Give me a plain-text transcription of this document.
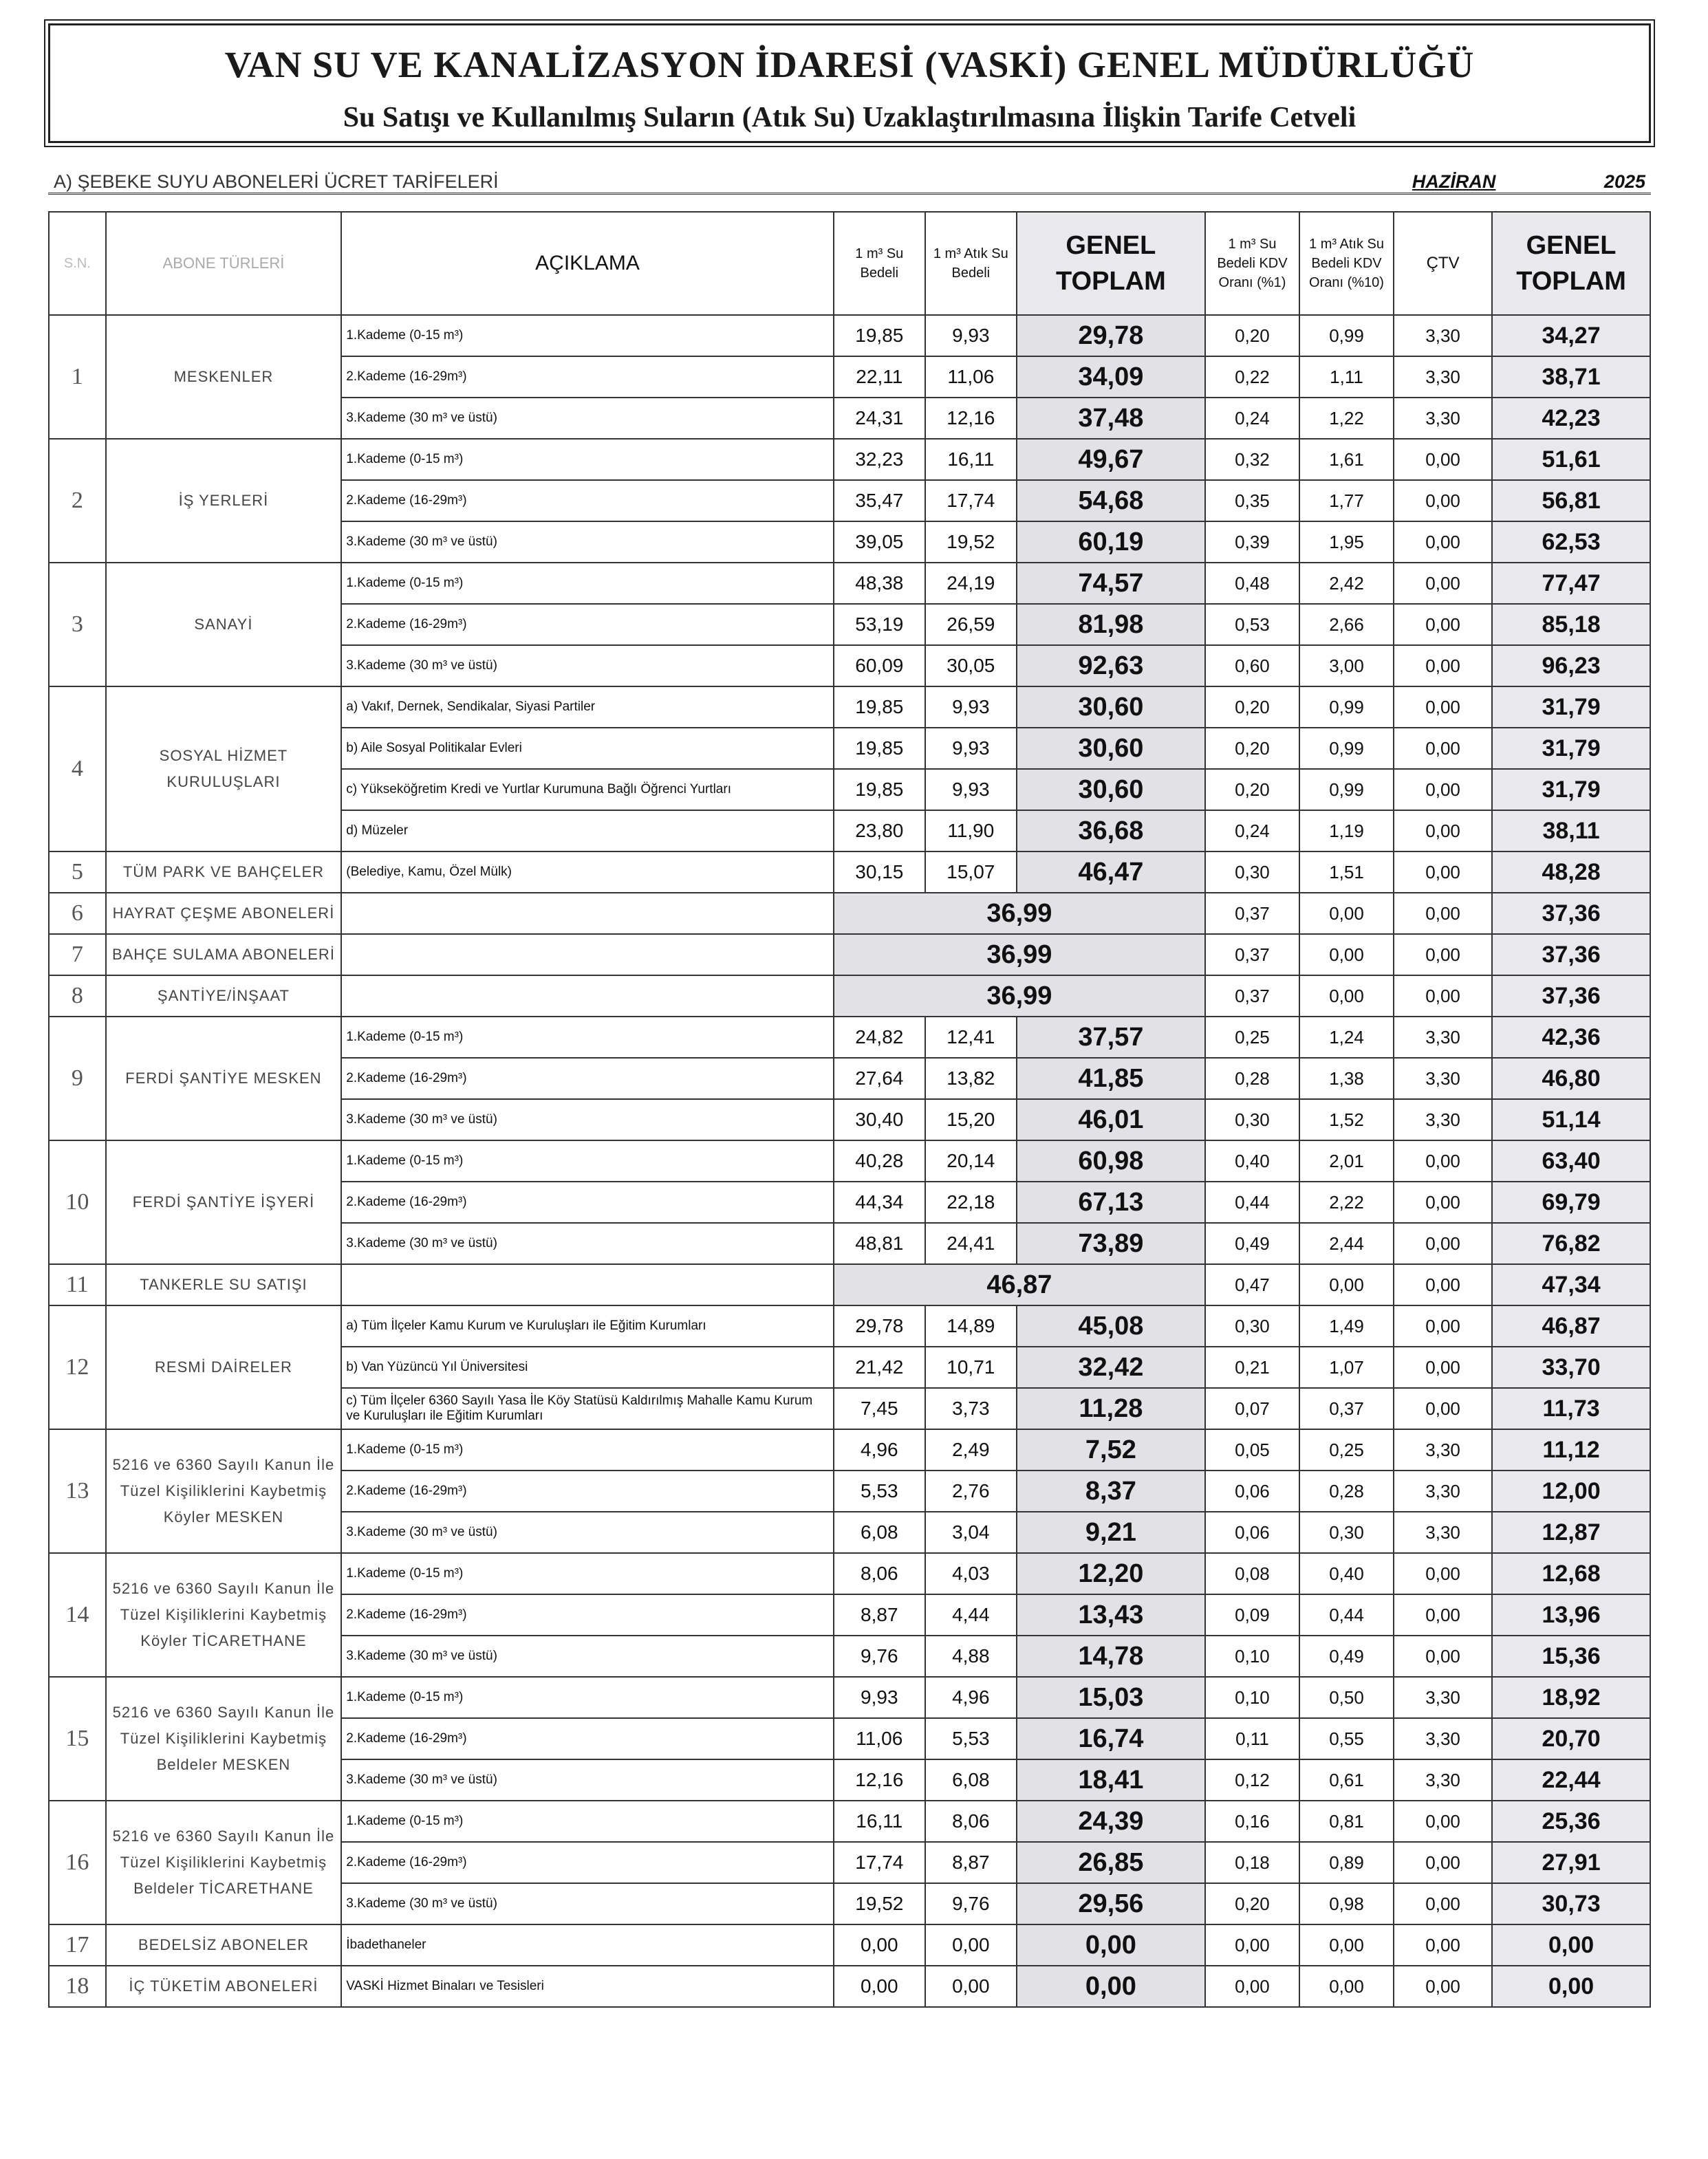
VAN SU VE KANALİZASYON İDARESİ (VASKİ) GENEL MÜDÜRLÜĞÜ
Su Satışı ve Kullanılmış Suların (Atık Su) Uzaklaştırılmasına İlişkin Tarife Cetveli
A) ŞEBEKE SUYU ABONELERİ ÜCRET TARİFELERİ	HAZİRAN	2025
S.N.	ABONE TÜRLERİ	AÇIKLAMA	1 m³ Su Bedeli	1 m³ Atık Su Bedeli	GENEL TOPLAM	1 m³ Su Bedeli KDV Oranı (%1)	1 m³ Atık Su Bedeli KDV Oranı (%10)	ÇTV	GENEL TOPLAM
1	MESKENLER	1.Kademe (0-15 m³)	19,85	9,93	29,78	0,20	0,99	3,30	34,27
		2.Kademe (16-29m³)	22,11	11,06	34,09	0,22	1,11	3,30	38,71
		3.Kademe (30 m³ ve üstü)	24,31	12,16	37,48	0,24	1,22	3,30	42,23
2	İŞ YERLERİ	1.Kademe (0-15 m³)	32,23	16,11	49,67	0,32	1,61	0,00	51,61
		2.Kademe (16-29m³)	35,47	17,74	54,68	0,35	1,77	0,00	56,81
		3.Kademe (30 m³ ve üstü)	39,05	19,52	60,19	0,39	1,95	0,00	62,53
3	SANAYİ	1.Kademe (0-15 m³)	48,38	24,19	74,57	0,48	2,42	0,00	77,47
		2.Kademe (16-29m³)	53,19	26,59	81,98	0,53	2,66	0,00	85,18
		3.Kademe (30 m³ ve üstü)	60,09	30,05	92,63	0,60	3,00	0,00	96,23
4	SOSYAL HİZMET KURULUŞLARI	a) Vakıf, Dernek, Sendikalar, Siyasi Partiler	19,85	9,93	30,60	0,20	0,99	0,00	31,79
		b) Aile Sosyal Politikalar Evleri	19,85	9,93	30,60	0,20	0,99	0,00	31,79
		c) Yükseköğretim Kredi ve Yurtlar Kurumuna Bağlı Öğrenci Yurtları	19,85	9,93	30,60	0,20	0,99	0,00	31,79
		d) Müzeler	23,80	11,90	36,68	0,24	1,19	0,00	38,11
5	TÜM PARK VE BAHÇELER	(Belediye, Kamu, Özel Mülk)	30,15	15,07	46,47	0,30	1,51	0,00	48,28
6	HAYRAT ÇEŞME ABONELERİ		36,99			0,37	0,00	0,00	37,36
7	BAHÇE SULAMA ABONELERİ		36,99			0,37	0,00	0,00	37,36
8	ŞANTİYE/İNŞAAT		36,99			0,37	0,00	0,00	37,36
9	FERDİ ŞANTİYE MESKEN	1.Kademe (0-15 m³)	24,82	12,41	37,57	0,25	1,24	3,30	42,36
		2.Kademe (16-29m³)	27,64	13,82	41,85	0,28	1,38	3,30	46,80
		3.Kademe (30 m³ ve üstü)	30,40	15,20	46,01	0,30	1,52	3,30	51,14
10	FERDİ ŞANTİYE İŞYERİ	1.Kademe (0-15 m³)	40,28	20,14	60,98	0,40	2,01	0,00	63,40
		2.Kademe (16-29m³)	44,34	22,18	67,13	0,44	2,22	0,00	69,79
		3.Kademe (30 m³ ve üstü)	48,81	24,41	73,89	0,49	2,44	0,00	76,82
11	TANKERLE SU SATIŞI		46,87			0,47	0,00	0,00	47,34
12	RESMİ DAİRELER	a) Tüm İlçeler Kamu Kurum ve Kuruluşları ile Eğitim Kurumları	29,78	14,89	45,08	0,30	1,49	0,00	46,87
		b) Van Yüzüncü Yıl Üniversitesi	21,42	10,71	32,42	0,21	1,07	0,00	33,70
		c) Tüm İlçeler 6360 Sayılı Yasa İle Köy Statüsü Kaldırılmış Mahalle Kamu Kurum ve Kuruluşları ile Eğitim Kurumları	7,45	3,73	11,28	0,07	0,37	0,00	11,73
13	5216 ve 6360 Sayılı Kanun İle Tüzel Kişiliklerini Kaybetmiş Köyler MESKEN	1.Kademe (0-15 m³)	4,96	2,49	7,52	0,05	0,25	3,30	11,12
		2.Kademe (16-29m³)	5,53	2,76	8,37	0,06	0,28	3,30	12,00
		3.Kademe (30 m³ ve üstü)	6,08	3,04	9,21	0,06	0,30	3,30	12,87
14	5216 ve 6360 Sayılı Kanun İle Tüzel Kişiliklerini Kaybetmiş Köyler TİCARETHANE	1.Kademe (0-15 m³)	8,06	4,03	12,20	0,08	0,40	0,00	12,68
		2.Kademe (16-29m³)	8,87	4,44	13,43	0,09	0,44	0,00	13,96
		3.Kademe (30 m³ ve üstü)	9,76	4,88	14,78	0,10	0,49	0,00	15,36
15	5216 ve 6360 Sayılı Kanun İle Tüzel Kişiliklerini Kaybetmiş Beldeler MESKEN	1.Kademe (0-15 m³)	9,93	4,96	15,03	0,10	0,50	3,30	18,92
		2.Kademe (16-29m³)	11,06	5,53	16,74	0,11	0,55	3,30	20,70
		3.Kademe (30 m³ ve üstü)	12,16	6,08	18,41	0,12	0,61	3,30	22,44
16	5216 ve 6360 Sayılı Kanun İle Tüzel Kişiliklerini Kaybetmiş Beldeler TİCARETHANE	1.Kademe (0-15 m³)	16,11	8,06	24,39	0,16	0,81	0,00	25,36
		2.Kademe (16-29m³)	17,74	8,87	26,85	0,18	0,89	0,00	27,91
		3.Kademe (30 m³ ve üstü)	19,52	9,76	29,56	0,20	0,98	0,00	30,73
17	BEDELSİZ ABONELER	İbadethaneler	0,00	0,00	0,00	0,00	0,00	0,00	0,00
18	İÇ TÜKETİM ABONELERİ	VASKİ Hizmet Binaları ve Tesisleri	0,00	0,00	0,00	0,00	0,00	0,00	0,00
